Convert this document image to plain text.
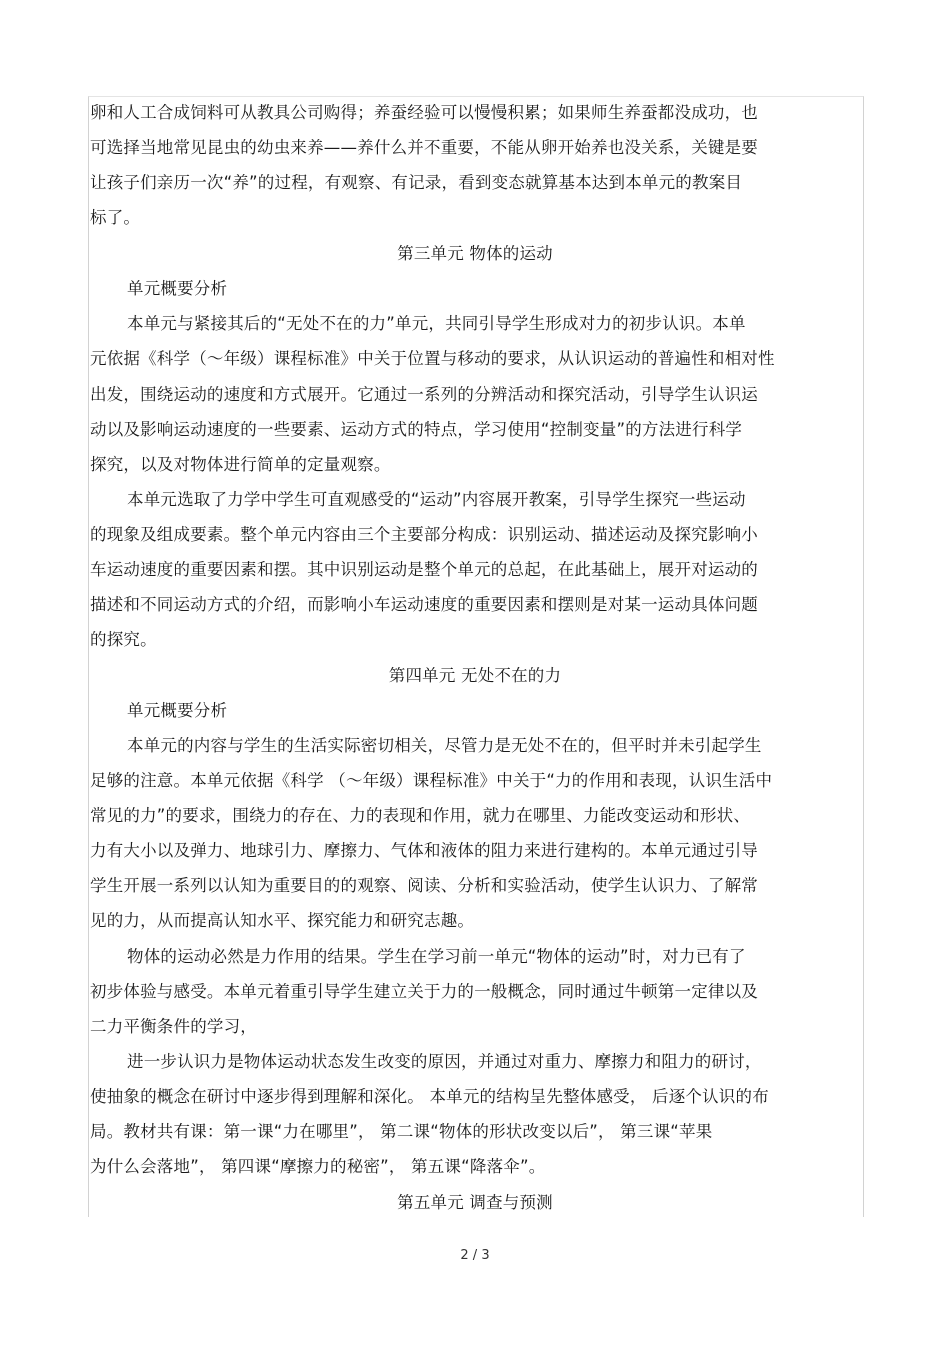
卵和人工合成饲料可从教具公司购得；养蚕经验可以慢慢积累；如果师生养蚕都没成功，也
可选择当地常见昆虫的幼虫来养——养什么并不重要，不能从卵开始养也没关系，关键是要
让孩子们亲历一次“养”的过程，有观察、有记录，看到变态就算基本达到本单元的教案目
标了。
第三单元 物体的运动
单元概要分析
本单元与紧接其后的“无处不在的力”单元，共同引导学生形成对力的初步认识。本单
元依据《科学（～年级）课程标准》中关于位置与移动的要求，从认识运动的普遍性和相对性
出发，围绕运动的速度和方式展开。它通过一系列的分辨活动和探究活动，引导学生认识运
动以及影响运动速度的一些要素、运动方式的特点，学习使用“控制变量”的方法进行科学
探究，以及对物体进行简单的定量观察。
本单元选取了力学中学生可直观感受的“运动”内容展开教案，引导学生探究一些运动
的现象及组成要素。整个单元内容由三个主要部分构成：识别运动、描述运动及探究影响小
车运动速度的重要因素和摆。其中识别运动是整个单元的总起，在此基础上，展开对运动的
描述和不同运动方式的介绍，而影响小车运动速度的重要因素和摆则是对某一运动具体问题
的探究。
第四单元 无处不在的力
单元概要分析
本单元的内容与学生的生活实际密切相关，尽管力是无处不在的，但平时并未引起学生
足够的注意。本单元依据《科学 （～年级）课程标准》中关于“力的作用和表现，认识生活中
常见的力”的要求，围绕力的存在、力的表现和作用，就力在哪里、力能改变运动和形状、
力有大小以及弹力、地球引力、摩擦力、气体和液体的阻力来进行建构的。本单元通过引导
学生开展一系列以认知为重要目的的观察、阅读、分析和实验活动，使学生认识力、了解常
见的力，从而提高认知水平、探究能力和研究志趣。
物体的运动必然是力作用的结果。学生在学习前一单元“物体的运动”时，对力已有了
初步体验与感受。本单元着重引导学生建立关于力的一般概念，同时通过牛顿第一定律以及
二力平衡条件的学习，
进一步认识力是物体运动状态发生改变的原因，并通过对重力、摩擦力和阻力的研讨，
使抽象的概念在研讨中逐步得到理解和深化。 本单元的结构呈先整体感受， 后逐个认识的布
局。教材共有课：第一课“力在哪里”， 第二课“物体的形状改变以后”， 第三课“苹果
为什么会落地”， 第四课“摩擦力的秘密”， 第五课“降落伞”。
第五单元 调查与预测
2 / 3
